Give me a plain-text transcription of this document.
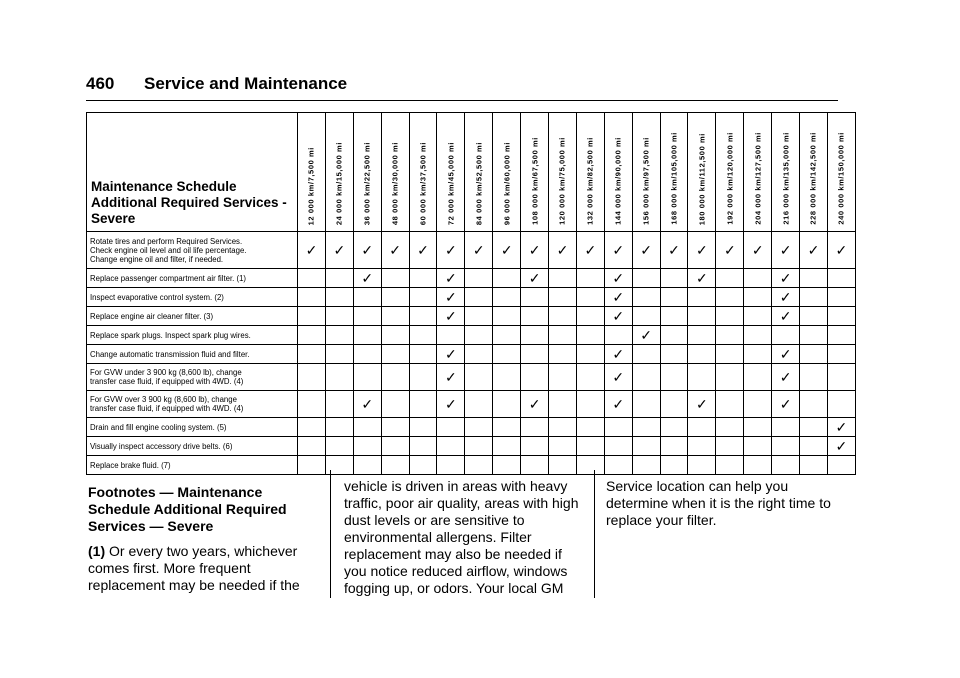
460 Service and Maintenance
Maintenance Schedule Additional Required Services - Severe	12 000 km/7,500 mi	24 000 km/15,000 mi	36 000 km/22,500 mi	48 000 km/30,000 mi	60 000 km/37,500 mi	72 000 km/45,000 mi	84 000 km/52,500 mi	96 000 km/60,000 mi	108 000 km/67,500 mi	120 000 km/75,000 mi	132 000 km/82,500 mi	144 000 km/90,000 mi	156 000 km/97,500 mi	168 000 km/105,000 mi	180 000 km/112,500 mi	192 000 km/120,000 mi	204 000 km/127,500 mi	216 000 km/135,000 mi	228 000 km/142,500 mi	240 000 km/150,000 mi

Rotate tires and perform Required Services.
Check engine oil level and oil life percentage.
Change engine oil and filter, if needed.	✓	✓	✓	✓	✓	✓	✓	✓	✓	✓	✓	✓	✓	✓	✓	✓	✓	✓	✓	✓

Replace passenger compartment air filter. (1)			✓			✓			✓			✓			✓			✓		

Inspect evaporative control system. (2)						✓						✓						✓		

Replace engine air cleaner filter. (3)						✓						✓						✓		

Replace spark plugs. Inspect spark plug wires.													✓							

Change automatic transmission fluid and filter.						✓						✓						✓		

For GVW under 3 900 kg (8,600 lb), change
transfer case fluid, if equipped with 4WD. (4)						✓						✓						✓		

For GVW over 3 900 kg (8,600 lb), change
transfer case fluid, if equipped with 4WD. (4)			✓			✓			✓			✓			✓			✓		

Drain and fill engine cooling system. (5)																				✓

Visually inspect accessory drive belts. (6)																				✓

Replace brake fluid. (7)																				

Footnotes — Maintenance Schedule Additional Required Services — Severe

(1) Or every two years, whichever comes first. More frequent replacement may be needed if the

vehicle is driven in areas with heavy traffic, poor air quality, areas with high dust levels or are sensitive to environmental allergens. Filter replacement may also be needed if you notice reduced airflow, windows fogging up, or odors. Your local GM

Service location can help you determine when it is the right time to replace your filter.
